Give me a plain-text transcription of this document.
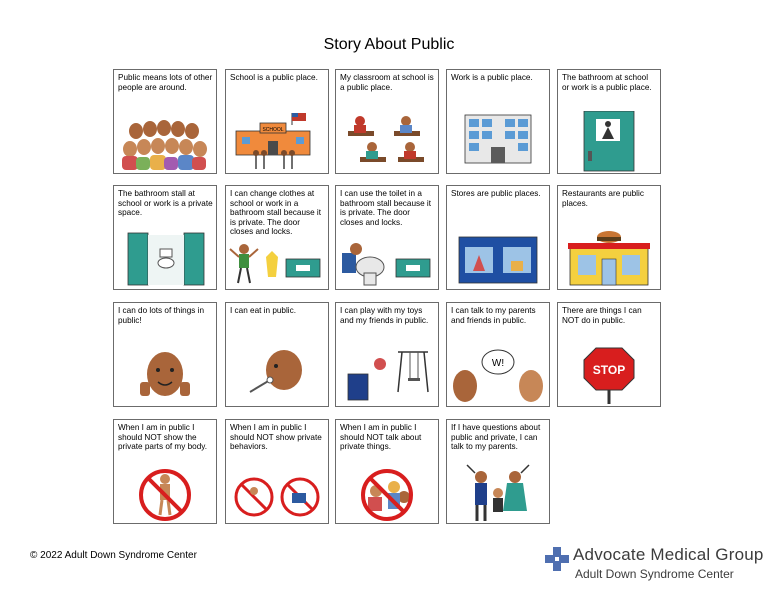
Story About Public
Public means lots of other people are around.
School is a public place.
SCHOOL
My classroom at school is a public place.
Work is a public place.	The bathroom at school or work is a public place.
The bathroom stall at school or work is a private space.
I can change clothes at school or work in a bathroom stall because it is private. The door closes and locks.
I can use the toilet in a bathroom stall because it is private. The door closes and locks.
Stores are public places.	Restaurants are public places.
I can do lots of things in public!
I can eat in public.	I can play with my toys and my friends in public.
I can talk to my parents and friends in public.
W!
There are things I can NOT do in public.
STOP
When I am in public I should NOT show the private parts of my body.
When I am in public I should NOT show private behaviors.
When I am in public I should NOT talk about private things.
If I have questions about public and private, I can talk to my parents.
© 2022 Adult Down Syndrome Center	Advocate Medical Group
Adult Down Syndrome Center
